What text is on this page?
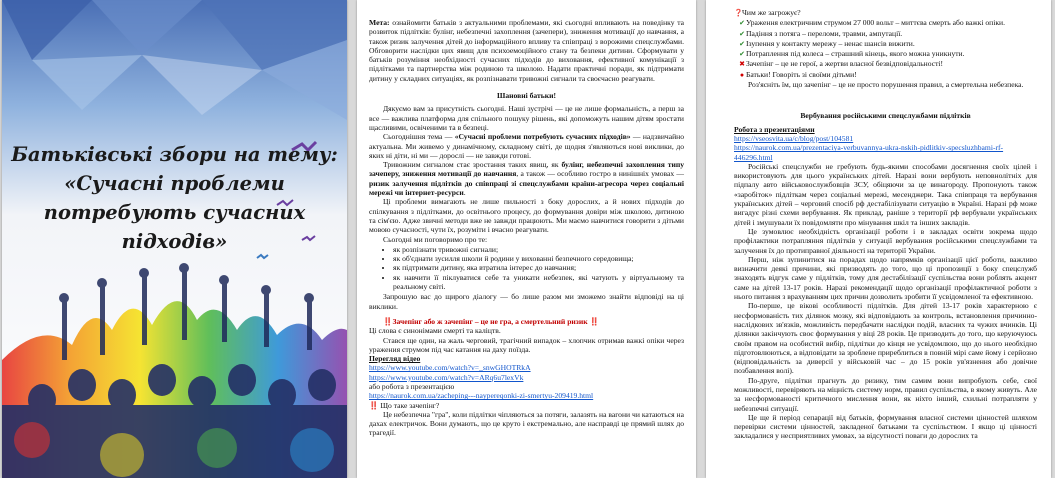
Батьківські збори на тему: «Сучасні проблеми потребують сучасних підходів»

Мета: ознайомити батьків з актуальними проблемами, які сьогодні впливають на поведінку та розвиток підлітків: булінг, небезпечні захоплення (зачепери), зниження мотивації до навчання, а також ризик залучення дітей до інформаційного впливу та співпраці з ворожими спецслужбами. Обговорити наслідки цих явищ для психоемоційного стану та безпеки дитини. Сформувати у батьків розуміння необхідності сучасних підходів до виховання, ефективної комунікації з підлітками та партнерства між родиною та школою. Надати практичні поради, як підтримати дитину у складних ситуаціях, як розпізнавати тривожні сигнали та своєчасно реагувати.

Шановні батьки!

Дякуємо вам за присутність сьогодні. Наші зустрічі — це не лише формальність, а перш за все — важлива платформа для спільного пошуку рішень, які допоможуть нашим дітям зростати щасливими, освіченими та в безпеці.

Сьогоднішня тема — «Сучасні проблеми потребують сучасних підходів» — надзвичайно актуальна. Ми живемо у динамічному, складному світі, де щодня з'являються нові виклики, до яких ні діти, ні ми — дорослі — не завжди готові.

Тривожним сигналом стає зростання таких явищ, як булінг, небезпечні захоплення типу зачеперу, зниження мотивації до навчання, а також — особливо гостро в нинішніх умовах — ризик залучення підлітків до співпраці зі спецслужбами країни-агресора через соціальні мережі чи інтернет-ресурси.

Ці проблеми вимагають не лише пильності з боку дорослих, а й нових підходів до спілкування з підлітками, до освітнього процесу, до формування довіри між школою, дитиною та сім'єю. Адже звичні методи вже не завжди працюють. Ми маємо навчитися говорити з дітьми мовою сучасності, чути їх, розуміти і вчасно реагувати.

Сьогодні ми поговоримо про те:

• як розпізнати тривожні сигнали;
• як об'єднати зусилля школи й родини у вихованні безпечного середовища;
• як підтримати дитину, яка втратила інтерес до навчання;
• як навчити її піклуватися себе та уникати небезпек, які чатують у віртуальному та реальному світі.

Запрошую вас до щирого діалогу — бо лише разом ми зможемо знайти відповіді на ці виклики.

‼️Зачепінг або ж зачепінг – це не гра, а смертельний ризик ‼️

Ці слова є синонімами смерті та каліцтв.

Стався ще один, на жаль черговий, трагічний випадок – хлопчик отримав важкі опіки через уражения струмом під час катання на даху поїзда.

Перегляд відео

https://www.youtube.com/watch?v=_snwGHOTRkA
https://www.youtube.com/watch?v=ARq6u7lexVk

або робота з презентацією

https://naurok.com.ua/zacheping---naypereqonki-zi-smertyu-209419.html

‼️ Що таке зачепінг?

Це небезпечна "гра", коли підлітки чіпляються за потяги, залазять на вагони чи катаються на дахах електричок. Вони думають, що це круто і екстремально, але насправді це прямий шлях до трагедії.

❓Чим же загрожує?

✔Ураження електричним струмом 27 000 вольт – миттєва смерть або важкі опіки.
✔Падіння з потяга – переломи, травми, ампутації.
✔Ізупення у контакту мережу – ненає шансів вижити.
✔Потраплення під колеса – страшний кінець, якого можна уникнути.
✖Зачепінг – це не герої, а жертви власної безвідповідальності!
● Батьки! Говоріть зі своїми дітьми!

Роз'ясніть їм, що зачепінг – це не просто порушення правил, а смертельна небезпека.

Вербування російськими спецслужбами підлітків

Робота з презентаціями

https://vseosvita.ua/c/blog/post/104581
https://naurok.com.ua/prezentaciya-verbuvannya-ukra-nskih-pidlitkiv-specsluzhbami-rf-446296.html

Російські спецслужби не гребують будь-якими способами досягнення своїх цілей і використовують для цього українських дітей. Наразі вони вербують неповнолітніх для підпалу авто військовослужбовців ЗСУ, обіцяючи за це винагороду. Пропонують також «заробіток» підліткам через соціальні мережі, месенджери. Така співпраця та вербування українських дітей – черговий спосіб рф дестабілізувати ситуацію в Україні. Наразі рф може вигадує різні схеми вербування. Як приклад, раніше з території рф вербували українських дітей і змушували їх повідомляти про мінування шкіл та інших закладів.

Це зумовлює необхідність організації роботи і в закладах освіти зокрема щодо профілактики потрапляння підлітків у ситуації вербування російськими спецслужбами та залучення їх до протиправної діяльності на території України.

Перш, ніж зупинитися на порадах щодо напрямків організації цієї роботи, важливо визначити деякі причини, які призводять до того, що ці пропозиції з боку спецслужб знаходять відгук саме у підлітків, тому для дестабілізації суспільства вони роблять акцент саме на дітей 13-17 років. Наразі рекомендації щодо організації профілактичної роботи з нього питання з врахуванням цих причин дозволить зробити її усвідомленої та ефективною.

По-перше, це вікові особливості підлітків. Для дітей 13-17 років характерною є несформованість тих ділянок мозку, які відповідають за контроль, встановлення причинно-наслідкових зв'язків, можливість передбачати наслідки подій, власних та чужих вчинків. Ці ділянки закінчують своє формування у віці 28 років. Це призводить до того, що керуючуюсь своїм правом на особистий вибір, підлітки до кінця не усвідомлюю, що до нього необхідно підготовлюються, а відповідати за зроблене приреблиться в повній мірі саме йому і серйозно (відповідальність за диверсії у військовій час – до 15 років ув'язнення або довічне позбавлення волі).

По-друге, підлітки прагнуть до ризику, тим самим вони випробують себе, свої можливості, перевіряють на міцність систему норм, правил суспільства, в якому живуть. Але за несформованості критичного мислення вони, як ніхто інший, схильні потрапляти у небезпечні ситуації.

Це ще й період сепарації від батьків, формування власної системи цінностей шляхом перевірки системи цінностей, закладеної батьками та суспільством. І якщо ці цінності закладалися у несприятливих умовах, за відсутності поваги до дорослих та
